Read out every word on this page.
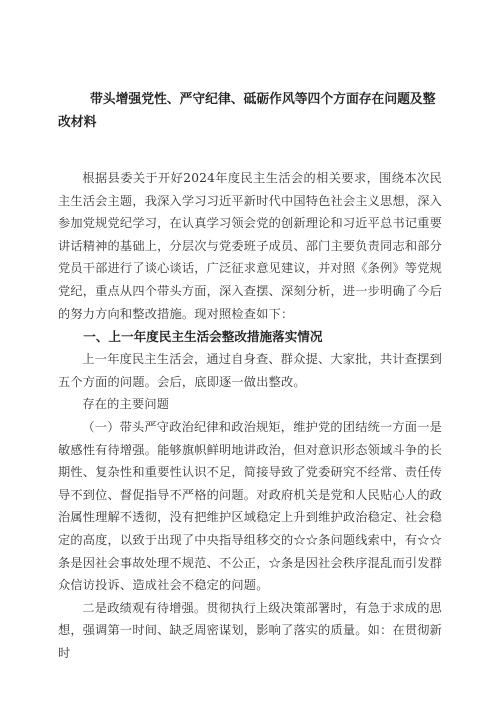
带头增强党性、严守纪律、砥砺作风等四个方面存在问题及整改材料

根据县委关于开好2024年度民主生活会的相关要求，围绕本次民主生活会主题，我深入学习习近平新时代中国特色社会主义思想，深入参加党规党纪学习，在认真学习领会党的创新理论和习近平总书记重要讲话精神的基础上，分层次与党委班子成员、部门主要负责同志和部分党员干部进行了谈心谈话，广泛征求意见建议，并对照《条例》等党规党纪，重点从四个带头方面，深入查摆、深刻分析，进一步明确了今后的努力方向和整改措施。现对照检查如下：

一、上一年度民主生活会整改措施落实情况

上一年度民主生活会，通过自身查、群众提、大家批，共计查摆到五个方面的问题。会后，底即逐一做出整改。

存在的主要问题

（一）带头严守政治纪律和政治规矩，维护党的团结统一方面一是敏感性有待增强。能够旗帜鲜明地讲政治，但对意识形态领域斗争的长期性、复杂性和重要性认识不足，简接导致了党委研究不经常、责任传导不到位、督促指导不严格的问题。对政府机关是党和人民贴心人的政治属性理解不透彻，没有把维护区域稳定上升到维护政治稳定、社会稳定的高度，以致于出现了中央指导组移交的☆☆条问题线索中，有☆☆条是因社会事故处理不规范、不公正，☆条是因社会秩序混乱而引发群众信访投诉、造成社会不稳定的问题。

二是政绩观有待增强。贯彻执行上级决策部署时，有急于求成的思想，强调第一时间、缺乏周密谋划，影响了落实的质量。如：在贯彻新时
